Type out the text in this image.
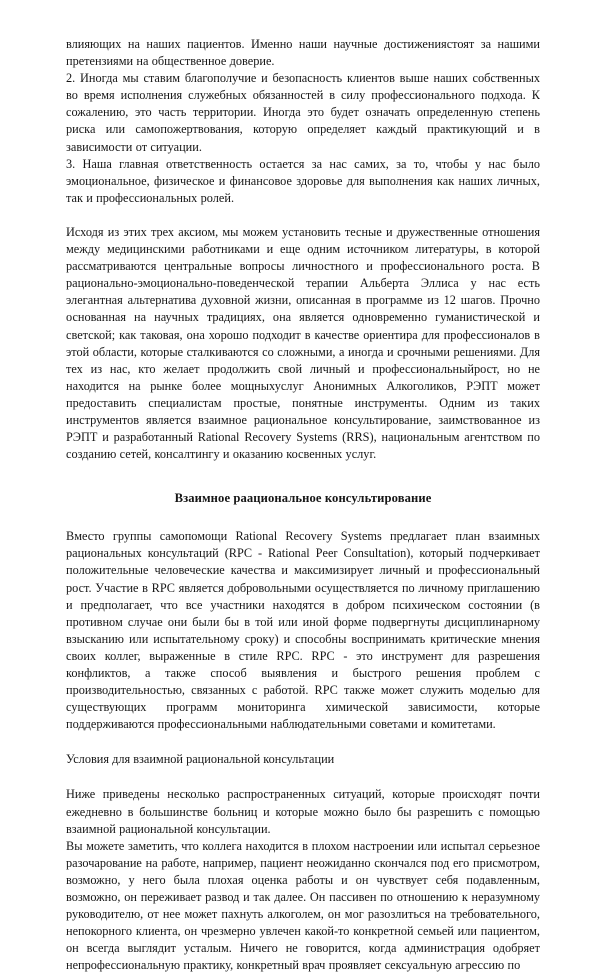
влияющих на наших пациентов. Именно наши научные достижениястоят за нашими претензиями на общественное доверие.

2. Иногда мы ставим благополучие и безопасность клиентов выше наших собственных во время исполнения служебных обязанностей в силу профессионального подхода. К сожалению, это часть территории. Иногда это будет означать определенную степень риска или самопожертвования, которую определяет каждый практикующий и в зависимости от ситуации.

3. Наша главная ответственность остается за нас самих, за то, чтобы у нас было эмоциональное, физическое и финансовое здоровье для выполнения как наших личных, так и профессиональных ролей.

Исходя из этих трех аксиом, мы можем установить тесные и дружественные отношения между медицинскими работниками и еще одним источником литературы, в которой рассматриваются центральные вопросы личностного и профессионального роста. В рационально-эмоционально-поведенческой терапии Альберта Эллиса у нас есть элегантная альтернатива духовной жизни, описанная в программе из 12 шагов. Прочно основанная на научных традициях, она является одновременно гуманистической и светской; как таковая, она хорошо подходит в качестве ориентира для профессионалов в этой области, которые сталкиваются со сложными, а иногда и срочными решениями. Для тех из нас, кто желает продолжить свой личный и профессиональныйрост, но не находится на рынке более мощныхуслуг Анонимных Алкоголиков, РЭПТ может предоставить специалистам простые, понятные инструменты. Одним из таких инструментов является взаимное рациональное консультирование, заимствованное из РЭПТ и разработанный Rational Recovery Systems (RRS), национальным агентством по созданию сетей, консалтингу и оказанию косвенных услуг.

Взаимное раациональное консультирование

Вместо группы самопомощи Rational Recovery Systems предлагает план взаимных рациональных консультаций (RPC - Rational Peer Consultation), который подчеркивает положительные человеческие качества и максимизирует личный и профессиональный рост. Участие в RPC является добровольными осуществляется по личному приглашению и предполагает, что все участники находятся в добром психическом состоянии (в противном случае они были бы в той или иной форме подвергнуты дисциплинарному взысканию или испытательному сроку) и способны воспринимать критические мнения своих коллег, выраженные в стиле RPC. RPC - это инструмент для разрешения конфликтов, а также способ выявления и быстрого решения проблем с производительностью, связанных с работой. RPC также может служить моделью для существующих программ мониторинга химической зависимости, которые поддерживаются профессиональными наблюдательными советами и комитетами.

Условия для взаимной рациональной консультации

Ниже приведены несколько распространенных ситуаций, которые происходят почти ежедневно в большинстве больниц и которые можно было бы разрешить с помощью взаимной рациональной консультации.

Вы можете заметить, что коллега находится в плохом настроении или испытал серьезное разочарование на работе, например, пациент неожиданно скончался под его присмотром, возможно, у него была плохая оценка работы и он чувствует себя подавленным, возможно, он переживает развод и так далее. Он пассивен по отношению к неразумному руководителю, от нее может пахнуть алкоголем, он мог разозлиться на требовательного, непокорного клиента, он чрезмерно увлечен какой-то конкретной семьей или пациентом, он всегда выглядит усталым. Ничего не говорится, когда администрация одобряет непрофессиональную практику, конкретный врач проявляет сексуальную агрессию по
